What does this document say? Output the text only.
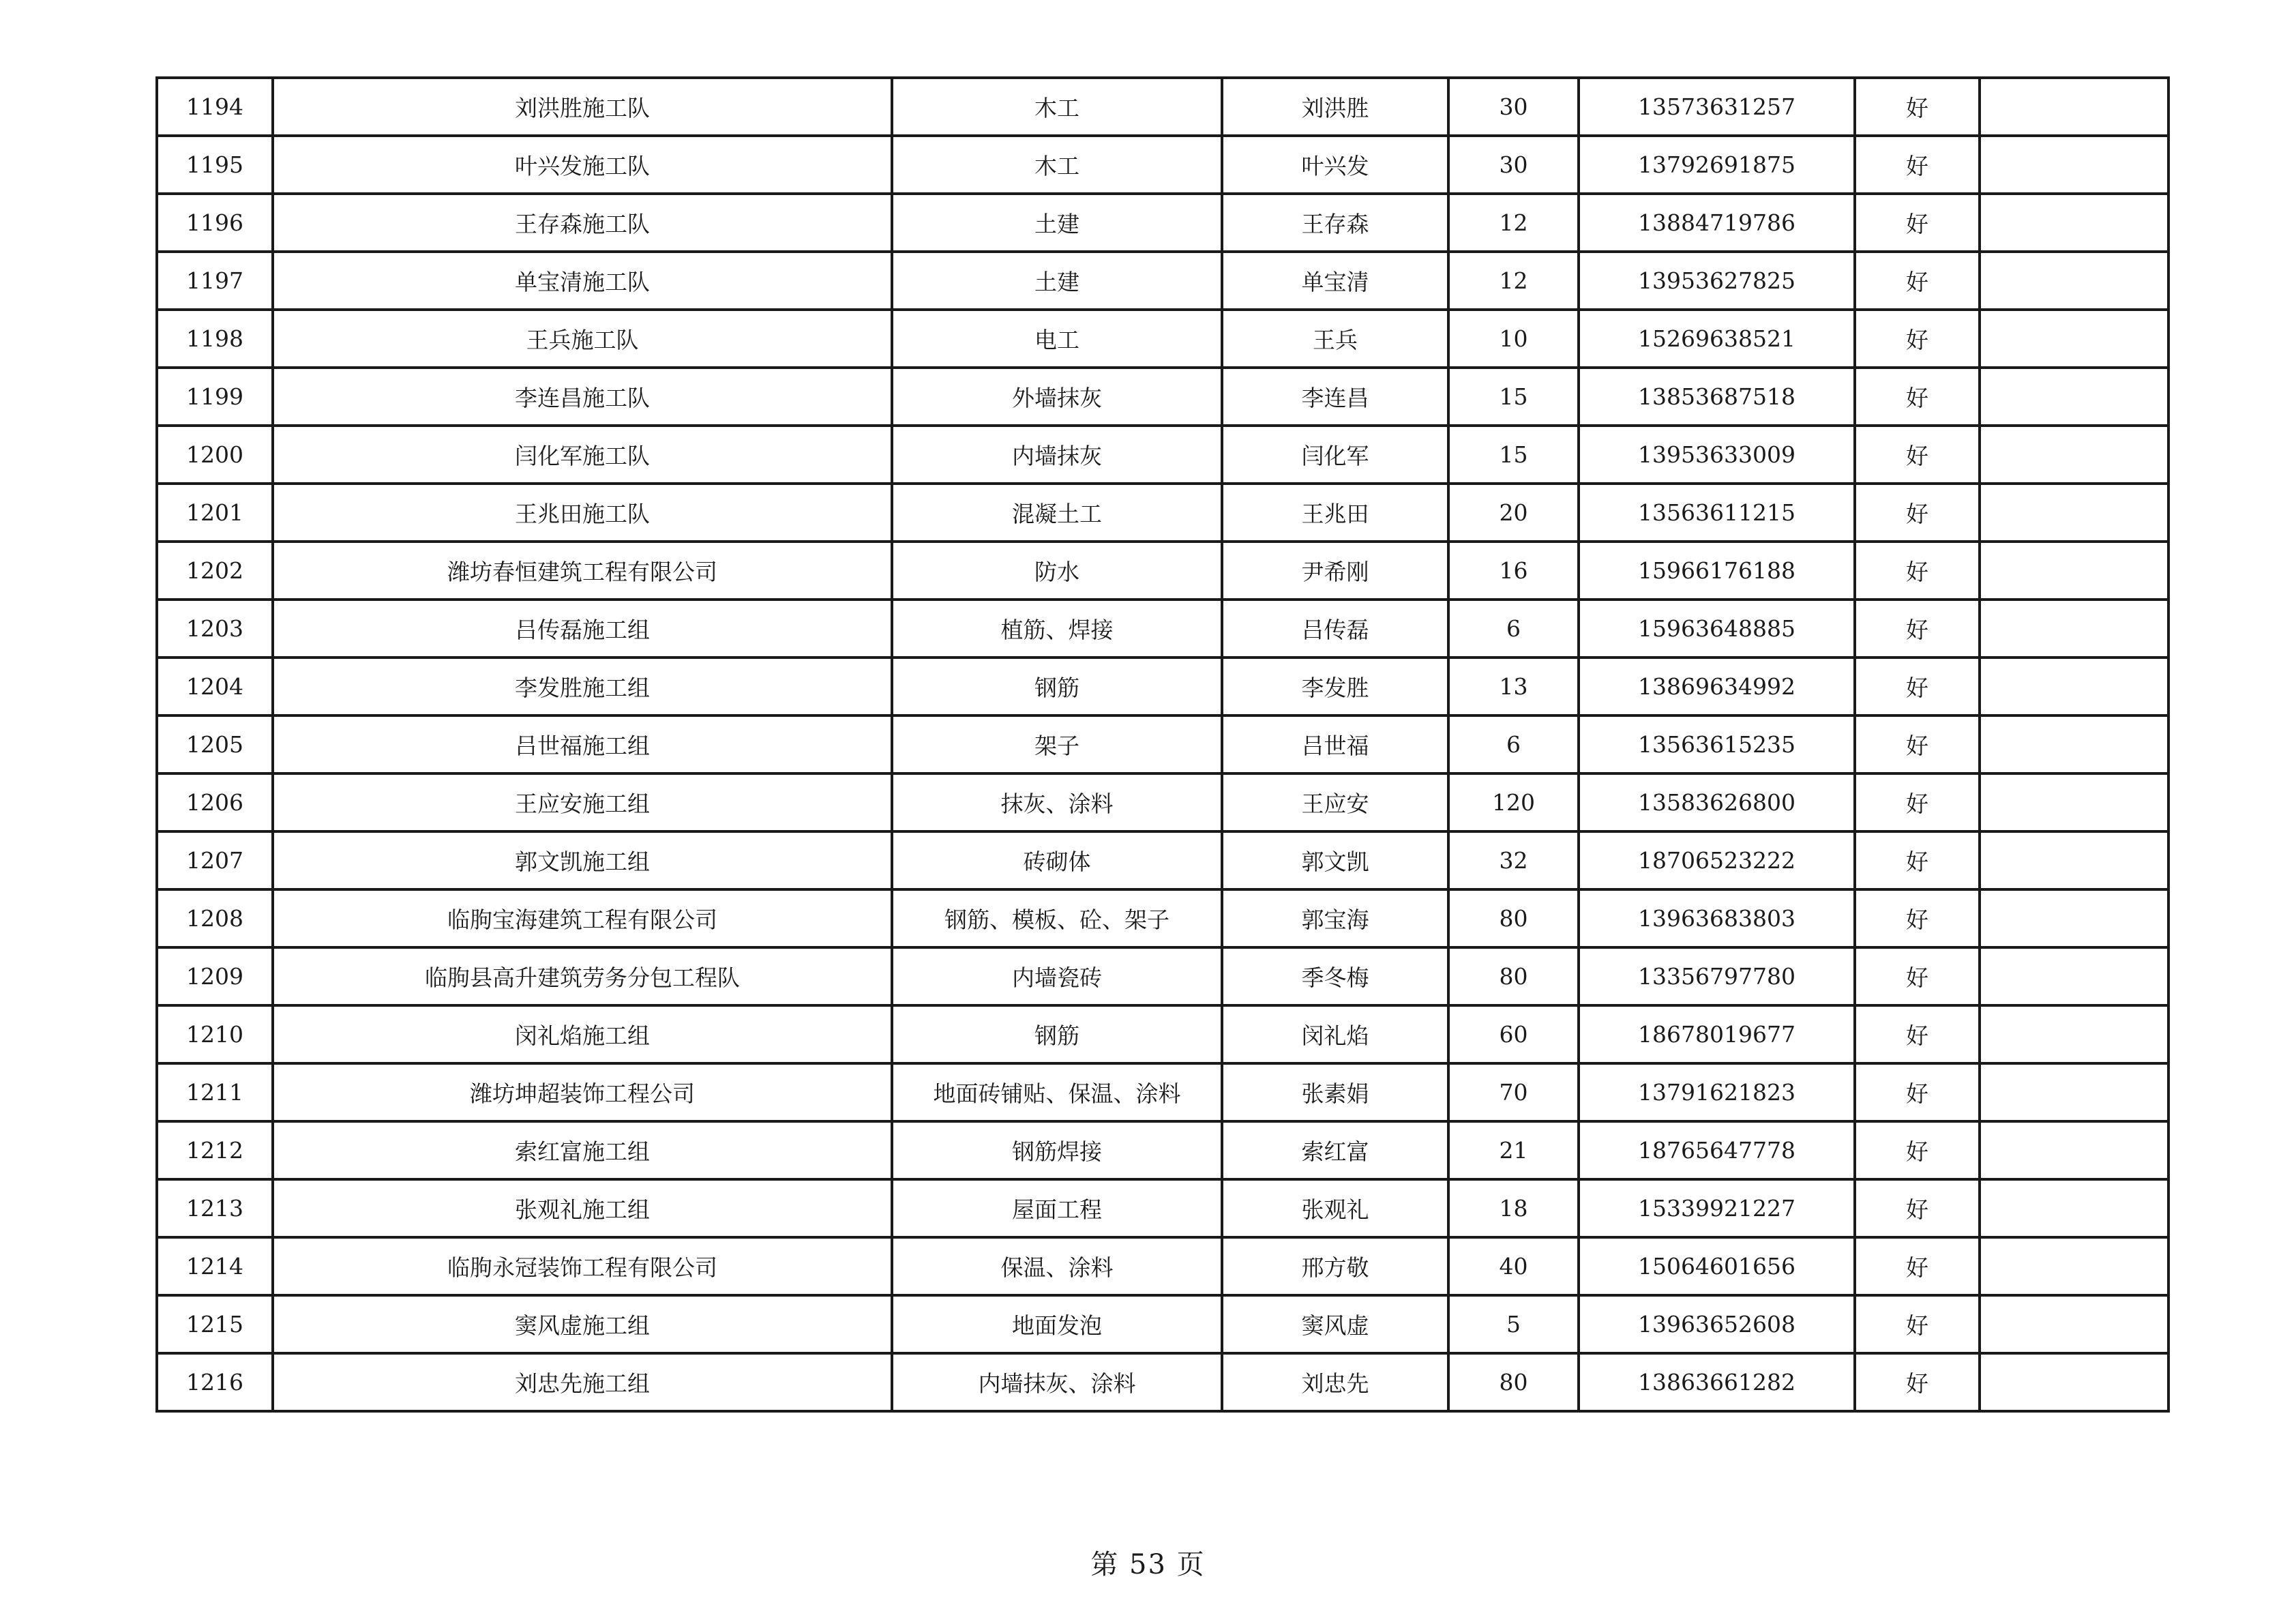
1194	刘洪胜施工队	木工	刘洪胜	30	13573631257	好	
1195	叶兴发施工队	木工	叶兴发	30	13792691875	好	
1196	王存森施工队	土建	王存森	12	13884719786	好	
1197	单宝清施工队	土建	单宝清	12	13953627825	好	
1198	王兵施工队	电工	王兵	10	15269638521	好	
1199	李连昌施工队	外墙抹灰	李连昌	15	13853687518	好	
1200	闫化军施工队	内墙抹灰	闫化军	15	13953633009	好	
1201	王兆田施工队	混凝土工	王兆田	20	13563611215	好	
1202	潍坊春恒建筑工程有限公司	防水	尹希刚	16	15966176188	好	
1203	吕传磊施工组	植筋、焊接	吕传磊	6	15963648885	好	
1204	李发胜施工组	钢筋	李发胜	13	13869634992	好	
1205	吕世福施工组	架子	吕世福	6	13563615235	好	
1206	王应安施工组	抹灰、涂料	王应安	120	13583626800	好	
1207	郭文凯施工组	砖砌体	郭文凯	32	18706523222	好	
1208	临朐宝海建筑工程有限公司	钢筋、模板、砼、架子	郭宝海	80	13963683803	好	
1209	临朐县高升建筑劳务分包工程队	内墙瓷砖	季冬梅	80	13356797780	好	
1210	闵礼焰施工组	钢筋	闵礼焰	60	18678019677	好	
1211	潍坊坤超装饰工程公司	地面砖铺贴、保温、涂料	张素娟	70	13791621823	好	
1212	索红富施工组	钢筋焊接	索红富	21	18765647778	好	
1213	张观礼施工组	屋面工程	张观礼	18	15339921227	好	
1214	临朐永冠装饰工程有限公司	保温、涂料	邢方敬	40	15064601656	好	
1215	窦风虚施工组	地面发泡	窦风虚	5	13963652608	好	
1216	刘忠先施工组	内墙抹灰、涂料	刘忠先	80	13863661282	好	
第 53 页
